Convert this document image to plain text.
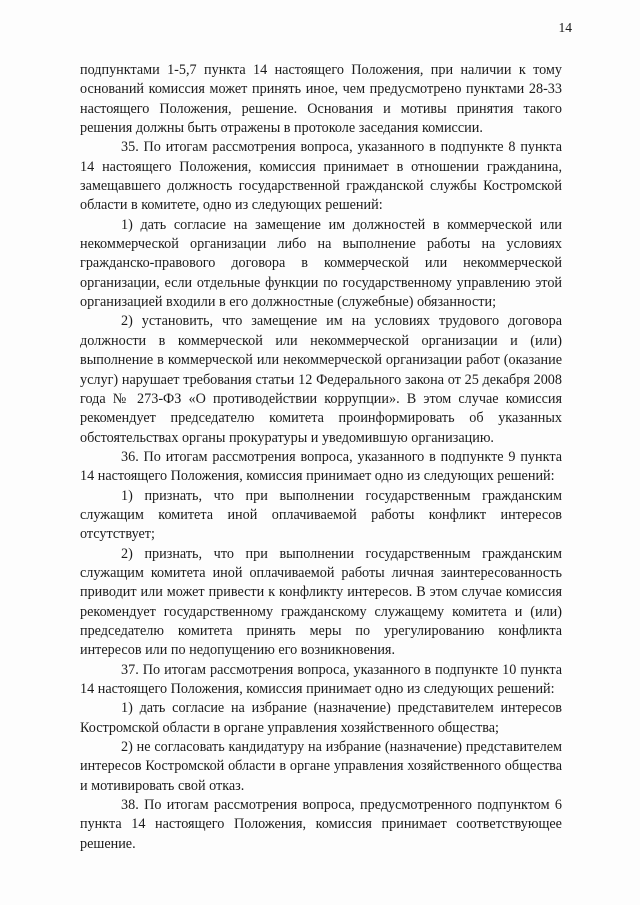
14

подпунктами 1-5,7 пункта 14 настоящего Положения, при наличии к тому оснований комиссия может принять иное, чем предусмотрено пунктами 28-33 настоящего Положения, решение. Основания и мотивы принятия такого решения должны быть отражены в протоколе заседания комиссии.

35. По итогам рассмотрения вопроса, указанного в подпункте 8 пункта 14 настоящего Положения, комиссия принимает в отношении гражданина, замещавшего должность государственной гражданской службы Костромской области в комитете, одно из следующих решений:

1) дать согласие на замещение им должностей в коммерческой или некоммерческой организации либо на выполнение работы на условиях гражданско-правового договора в коммерческой или некоммерческой организации, если отдельные функции по государственному управлению этой организацией входили в его должностные (служебные) обязанности;

2) установить, что замещение им на условиях трудового договора должности в коммерческой или некоммерческой организации и (или) выполнение в коммерческой или некоммерческой организации работ (оказание услуг) нарушает требования статьи 12 Федерального закона от 25 декабря 2008 года № 273-ФЗ «О противодействии коррупции». В этом случае комиссия рекомендует председателю комитета проинформировать об указанных обстоятельствах органы прокуратуры и уведомившую организацию.

36. По итогам рассмотрения вопроса, указанного в подпункте 9 пункта 14 настоящего Положения, комиссия принимает одно из следующих решений:

1) признать, что при выполнении государственным гражданским служащим комитета иной оплачиваемой работы конфликт интересов отсутствует;

2) признать, что при выполнении государственным гражданским служащим комитета иной оплачиваемой работы личная заинтересованность приводит или может привести к конфликту интересов. В этом случае комиссия рекомендует государственному гражданскому служащему комитета и (или) председателю комитета принять меры по урегулированию конфликта интересов или по недопущению его возникновения.

37. По итогам рассмотрения вопроса, указанного в подпункте 10 пункта 14 настоящего Положения, комиссия принимает одно из следующих решений:

1) дать согласие на избрание (назначение) представителем интересов Костромской области в органе управления хозяйственного общества;

2) не согласовать кандидатуру на избрание (назначение) представителем интересов Костромской области в органе управления хозяйственного общества и мотивировать свой отказ.

38. По итогам рассмотрения вопроса, предусмотренного подпунктом 6 пункта 14 настоящего Положения, комиссия принимает соответствующее решение.
